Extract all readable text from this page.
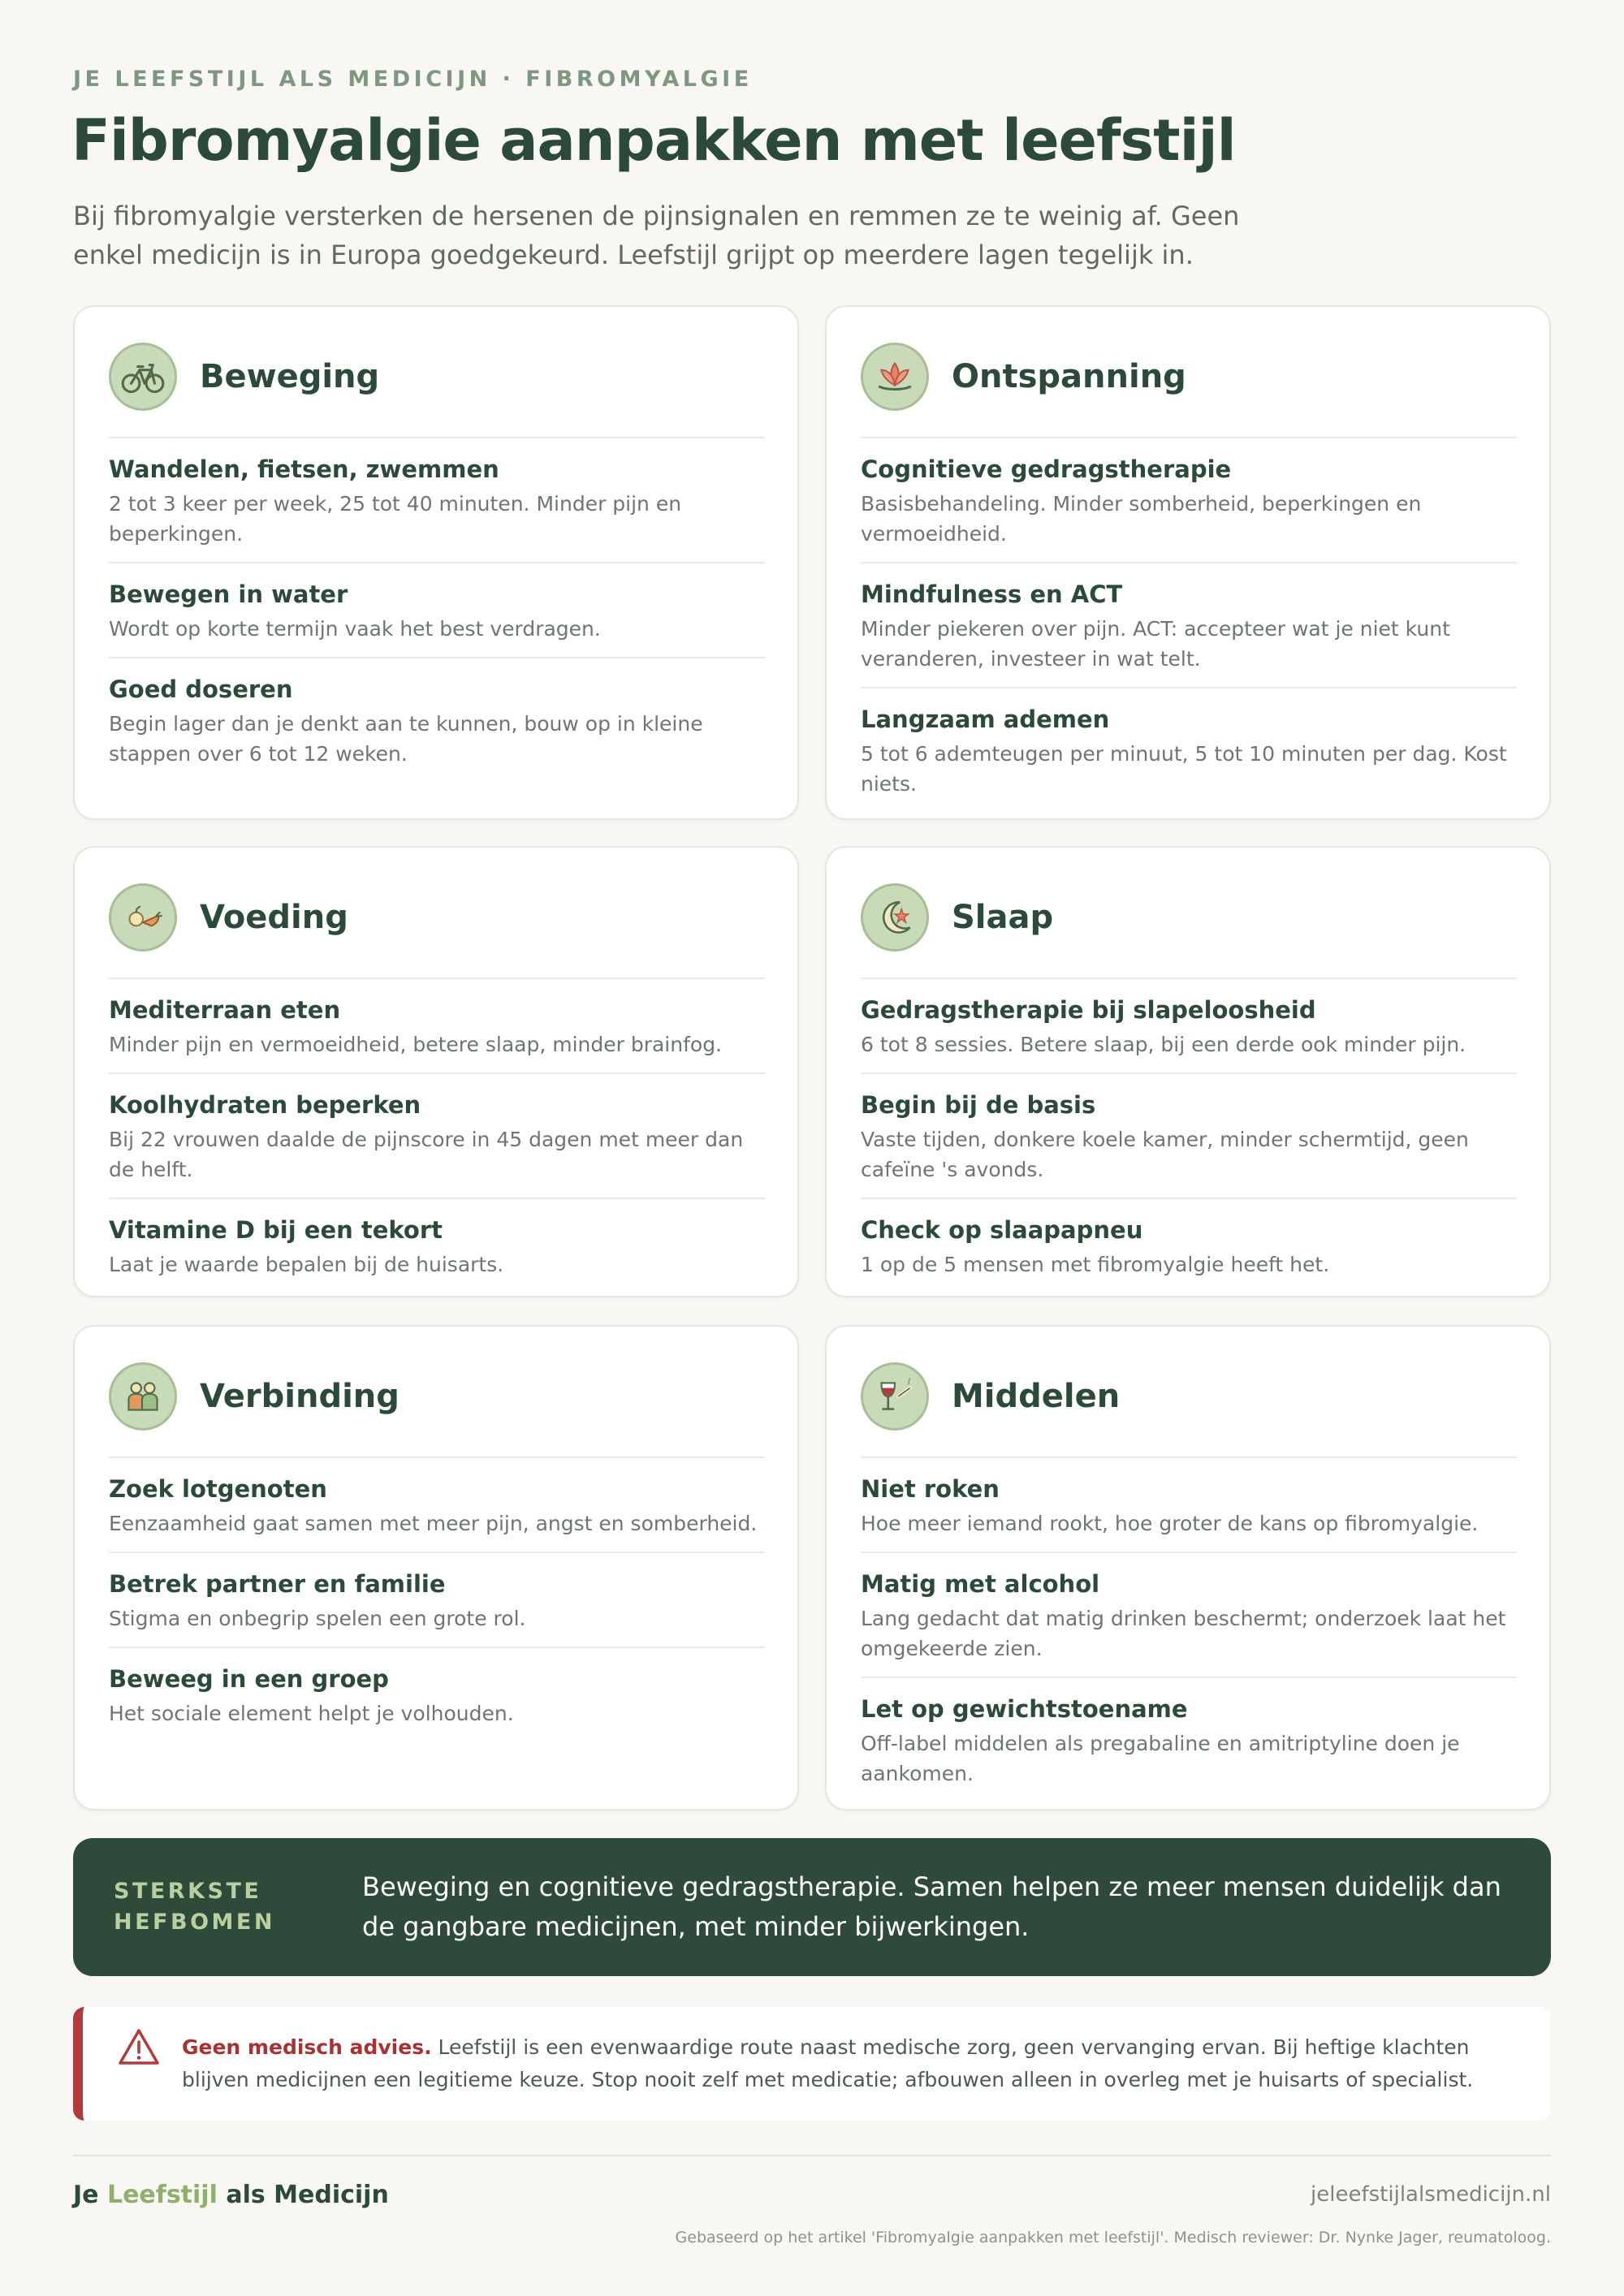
JE LEEFSTIJL ALS MEDICIJN · FIBROMYALGIE
Fibromyalgie aanpakken met leefstijl

Bij fibromyalgie versterken de hersenen de pijnsignalen en remmen ze te weinig af. Geen enkel medicijn is in Europa goedgekeurd. Leefstijl grijpt op meerdere lagen tegelijk in.

Beweging
Wandelen, fietsen, zwemmen
2 tot 3 keer per week, 25 tot 40 minuten. Minder pijn en beperkingen.
Bewegen in water
Wordt op korte termijn vaak het best verdragen.
Goed doseren
Begin lager dan je denkt aan te kunnen, bouw op in kleine stappen over 6 tot 12 weken.
Ontspanning
Cognitieve gedragstherapie
Basisbehandeling. Minder somberheid, beperkingen en vermoeidheid.
Mindfulness en ACT
Minder piekeren over pijn. ACT: accepteer wat je niet kunt veranderen, investeer in wat telt.
Langzaam ademen
5 tot 6 ademteugen per minuut, 5 tot 10 minuten per dag. Kost niets.
Voeding
Mediterraan eten
Minder pijn en vermoeidheid, betere slaap, minder brainfog.
Koolhydraten beperken
Bij 22 vrouwen daalde de pijnscore in 45 dagen met meer dan de helft.
Vitamine D bij een tekort
Laat je waarde bepalen bij de huisarts.
Slaap
Gedragstherapie bij slapeloosheid
6 tot 8 sessies. Betere slaap, bij een derde ook minder pijn.
Begin bij de basis
Vaste tijden, donkere koele kamer, minder schermtijd, geen cafeïne 's avonds.
Check op slaapapneu
1 op de 5 mensen met fibromyalgie heeft het.
Verbinding
Zoek lotgenoten
Eenzaamheid gaat samen met meer pijn, angst en somberheid.
Betrek partner en familie
Stigma en onbegrip spelen een grote rol.
Beweeg in een groep
Het sociale element helpt je volhouden.
Middelen
Niet roken
Hoe meer iemand rookt, hoe groter de kans op fibromyalgie.
Matig met alcohol
Lang gedacht dat matig drinken beschermt; onderzoek laat het omgekeerde zien.
Let op gewichtstoename
Off-label middelen als pregabaline en amitriptyline doen je aankomen.
STERKSTE HEFBOMEN
Beweging en cognitieve gedragstherapie. Samen helpen ze meer mensen duidelijk dan de gangbare medicijnen, met minder bijwerkingen.
Geen medisch advies. Leefstijl is een evenwaardige route naast medische zorg, geen vervanging ervan. Bij heftige klachten blijven medicijnen een legitieme keuze. Stop nooit zelf met medicatie; afbouwen alleen in overleg met je huisarts of specialist.
Je Leefstijl als Medicijn	jeleefstijlalsmedicijn.nl
Gebaseerd op het artikel 'Fibromyalgie aanpakken met leefstijl'. Medisch reviewer: Dr. Nynke Jager, reumatoloog.
